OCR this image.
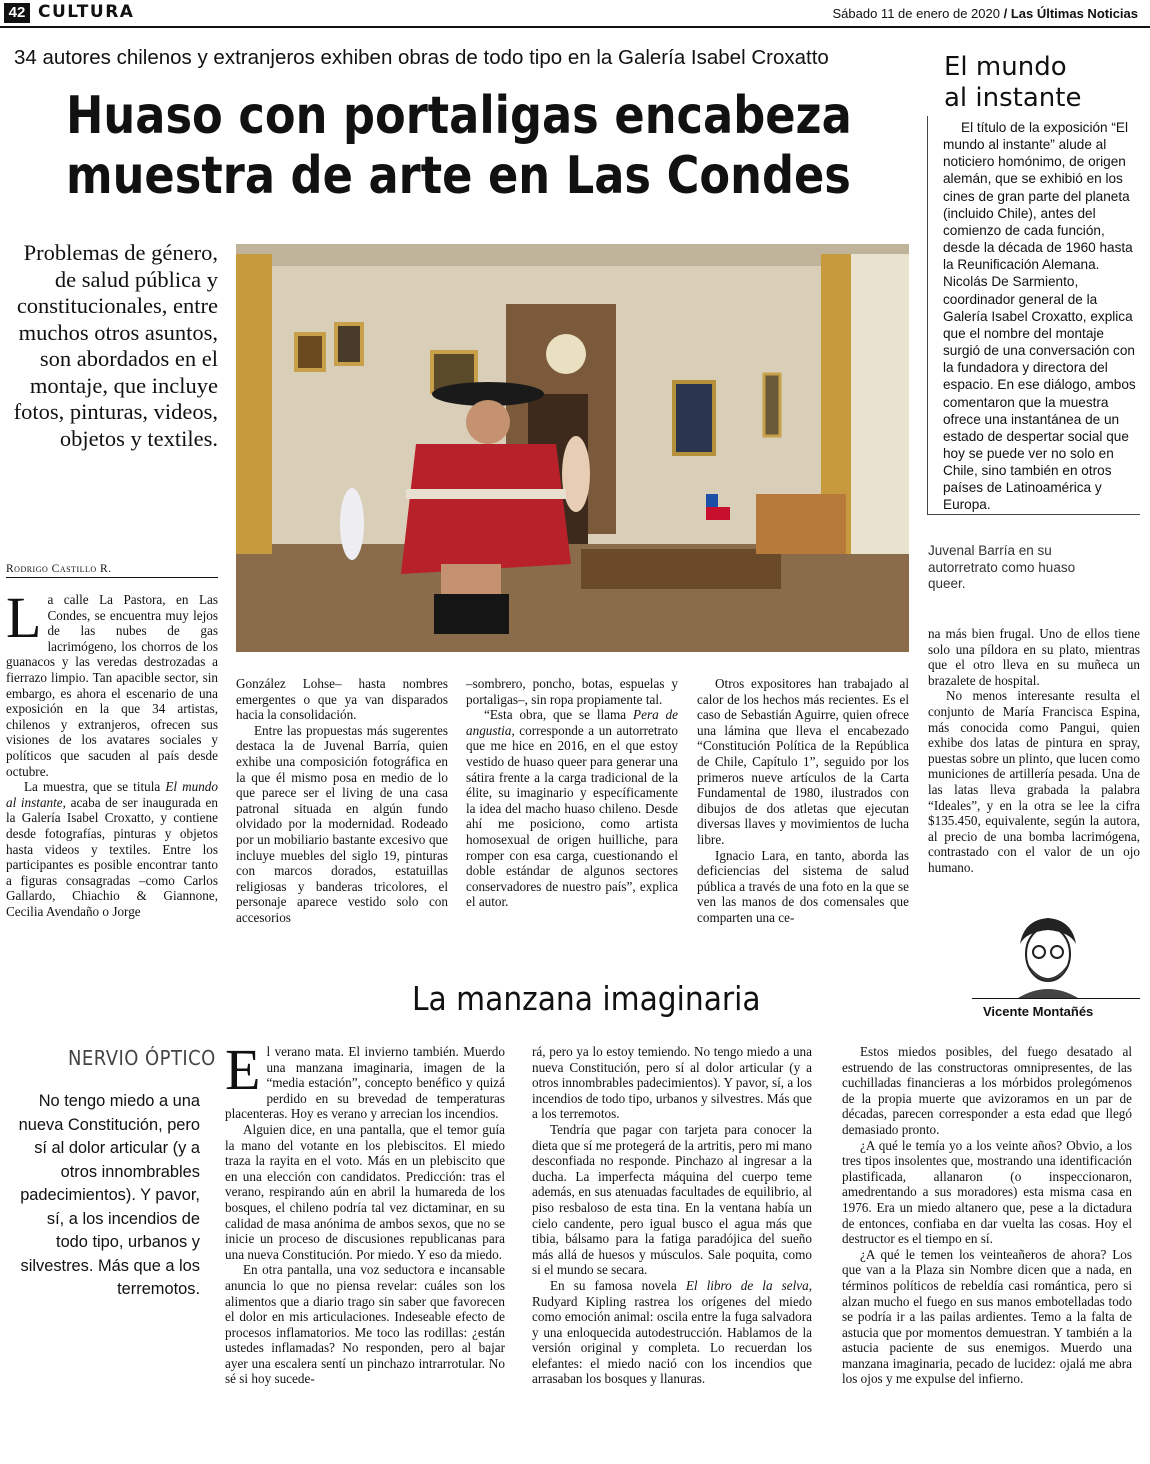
42 CULTURA	Sábado 11 de enero de 2020 / Las Últimas Noticias
34 autores chilenos y extranjeros exhiben obras de todo tipo en la Galería Isabel Croxatto
Huaso con portaligas encabeza
muestra de arte en Las Condes
Problemas de género, de salud pública y constitucionales, entre muchos otros asuntos, son abordados en el montaje, que incluye fotos, pinturas, videos, objetos y textiles.
Rodrigo Castillo R.
Juvenal Barría en su autorretrato como huaso queer.
El mundo
al instante
El título de la exposición “El mundo al instante” alude al noticiero homónimo, de origen alemán, que se exhibió en los cines de gran parte del planeta (incluido Chile), antes del comienzo de cada función, desde la década de 1960 hasta la Reunificación Alemana. Nicolás De Sarmiento, coordinador general de la Galería Isabel Croxatto, explica que el nombre del montaje surgió de una conversación con la fundadora y directora del espacio. En ese diálogo, ambos comentaron que la muestra ofrece una instantánea de un estado de despertar social que hoy se puede ver no solo en Chile, sino también en otros países de Latinoamérica y Europa.

La calle La Pastora, en Las Condes, se encuentra muy lejos de las nubes de gas lacrimógeno, los chorros de los guanacos y las veredas destrozadas a fierrazo limpio. Tan apacible sector, sin embargo, es ahora el escenario de una exposición en la que 34 artistas, chilenos y extranjeros, ofrecen sus visiones de los avatares sociales y políticos que sacuden al país desde octubre.

La muestra, que se titula El mundo al instante, acaba de ser inaugurada en la Galería Isabel Croxatto, y contiene desde fotografías, pinturas y objetos hasta videos y textiles. Entre los participantes es posible encontrar tanto a figuras consagradas –como Carlos Gallardo, Chiachio & Giannone, Cecilia Avendaño o Jorge

González Lohse– hasta nombres emergentes o que ya van disparados hacia la consolidación.

Entre las propuestas más sugerentes destaca la de Juvenal Barría, quien exhibe una composición fotográfica en la que él mismo posa en medio de lo que parece ser el living de una casa patronal situada en algún fundo olvidado por la modernidad. Rodeado por un mobiliario bastante excesivo que incluye muebles del siglo 19, pinturas con marcos dorados, estatuillas religiosas y banderas tricolores, el personaje aparece vestido solo con accesorios

–sombrero, poncho, botas, espuelas y portaligas–, sin ropa propiamente tal.

“Esta obra, que se llama Pera de angustia, corresponde a un autorretrato que me hice en 2016, en el que estoy vestido de huaso queer para generar una sátira frente a la carga tradicional de la élite, su imaginario y específicamente la idea del macho huaso chileno. Desde ahí me posiciono, como artista homosexual de origen huilliche, para romper con esa carga, cuestionando el doble estándar de algunos sectores conservadores de nuestro país”, explica el autor.

Otros expositores han trabajado al calor de los hechos más recientes. Es el caso de Sebastián Aguirre, quien ofrece una lámina que lleva el encabezado “Constitución Política de la República de Chile, Capítulo 1”, seguido por los primeros nueve artículos de la Carta Fundamental de 1980, ilustrados con dibujos de dos atletas que ejecutan diversas llaves y movimientos de lucha libre.

Ignacio Lara, en tanto, aborda las deficiencias del sistema de salud pública a través de una foto en la que se ven las manos de dos comensales que comparten una ce-

na más bien frugal. Uno de ellos tiene solo una píldora en su plato, mientras que el otro lleva en su muñeca un brazalete de hospital.

No menos interesante resulta el conjunto de María Francisca Espina, más conocida como Pangui, quien exhibe dos latas de pintura en spray, puestas sobre un plinto, que lucen como municiones de artillería pesada. Una de las latas lleva grabada la palabra “Ideales”, y en la otra se lee la cifra $135.450, equivalente, según la autora, al precio de una bomba lacrimógena, contrastado con el valor de un ojo humano.

La manzana imaginaria	Vicente Montañés
NERVIO ÓPTICO
No tengo miedo a una nueva Constitución, pero sí al dolor articular (y a otros innombrables padecimientos). Y pavor, sí, a los incendios de todo tipo, urbanos y silvestres. Más que a los terremotos.

El verano mata. El invierno también. Muerdo una manzana imaginaria, imagen de la “media estación”, concepto benéfico y quizá perdido en su brevedad de temperaturas placenteras. Hoy es verano y arrecian los incendios.

Alguien dice, en una pantalla, que el temor guía la mano del votante en los plebiscitos. El miedo traza la rayita en el voto. Más en un plebiscito que en una elección con candidatos. Predicción: tras el verano, respirando aún en abril la humareda de los bosques, el chileno podría tal vez dictaminar, en su calidad de masa anónima de ambos sexos, que no se inicie un proceso de discusiones republicanas para una nueva Constitución. Por miedo. Y eso da miedo.

En otra pantalla, una voz seductora e incansable anuncia lo que no piensa revelar: cuáles son los alimentos que a diario trago sin saber que favorecen el dolor en mis articulaciones. Indeseable efecto de procesos inflamatorios. Me toco las rodillas: ¿están ustedes inflamadas? No responden, pero al bajar ayer una escalera sentí un pinchazo intrarrotular. No sé si hoy sucede-

rá, pero ya lo estoy temiendo. No tengo miedo a una nueva Constitución, pero sí al dolor articular (y a otros innombrables padecimientos). Y pavor, sí, a los incendios de todo tipo, urbanos y silvestres. Más que a los terremotos.

Tendría que pagar con tarjeta para conocer la dieta que sí me protegerá de la artritis, pero mi mano desconfiada no responde. Pinchazo al ingresar a la ducha. La imperfecta máquina del cuerpo teme además, en sus atenuadas facultades de equilibrio, al piso resbaloso de esta tina. En la ventana había un cielo candente, pero igual busco el agua más que tibia, bálsamo para la fatiga paradójica del sueño más allá de huesos y músculos. Sale poquita, como si el mundo se secara.

En su famosa novela El libro de la selva, Rudyard Kipling rastrea los orígenes del miedo como emoción animal: oscila entre la fuga salvadora y una enloquecida autodestrucción. Hablamos de la versión original y completa. Lo recuerdan los elefantes: el miedo nació con los incendios que arrasaban los bosques y llanuras.

Estos miedos posibles, del fuego desatado al estruendo de las constructoras omnipresentes, de las cuchilladas financieras a los mórbidos prolegómenos de la propia muerte que avizoramos en un par de décadas, parecen corresponder a esta edad que llegó demasiado pronto.

¿A qué le temía yo a los veinte años? Obvio, a los tres tipos insolentes que, mostrando una identificación plastificada, allanaron (o inspeccionaron, amedrentando a sus moradores) esta misma casa en 1976. Era un miedo altanero que, pese a la dictadura de entonces, confiaba en dar vuelta las cosas. Hoy el destructor es el tiempo en sí.

¿A qué le temen los veinteañeros de ahora? Los que van a la Plaza sin Nombre dicen que a nada, en términos políticos de rebeldía casi romántica, pero si alzan mucho el fuego en sus manos embotelladas todo se podría ir a las pailas ardientes. Temo a la falta de astucia que por momentos demuestran. Y también a la astucia paciente de sus enemigos. Muerdo una manzana imaginaria, pecado de lucidez: ojalá me abra los ojos y me expulse del infierno.
